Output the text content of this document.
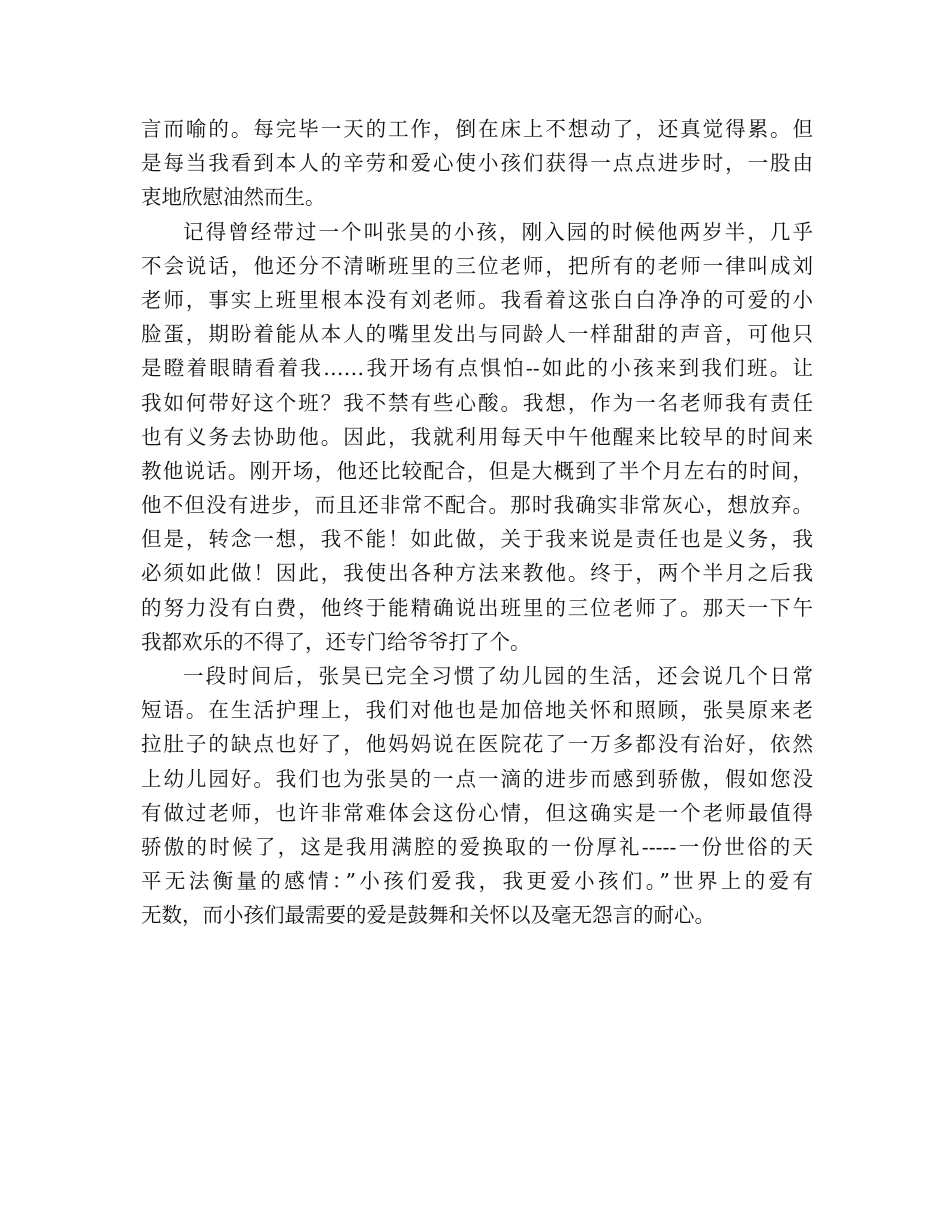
言而喻的。每完毕一天的工作，倒在床上不想动了，还真觉得累。但
是每当我看到本人的辛劳和爱心使小孩们获得一点点进步时，一股由
衷地欣慰油然而生。
记得曾经带过一个叫张昊的小孩，刚入园的时候他两岁半，几乎
不会说话，他还分不清晰班里的三位老师，把所有的老师一律叫成刘
老师，事实上班里根本没有刘老师。我看着这张白白净净的可爱的小
脸蛋，期盼着能从本人的嘴里发出与同龄人一样甜甜的声音，可他只
是瞪着眼睛看着我……我开场有点惧怕--如此的小孩来到我们班。让
我如何带好这个班？我不禁有些心酸。我想，作为一名老师我有责任
也有义务去协助他。因此，我就利用每天中午他醒来比较早的时间来
教他说话。刚开场，他还比较配合，但是大概到了半个月左右的时间，
他不但没有进步，而且还非常不配合。那时我确实非常灰心，想放弃。
但是，转念一想，我不能！如此做，关于我来说是责任也是义务，我
必须如此做！因此，我使出各种方法来教他。终于，两个半月之后我
的努力没有白费，他终于能精确说出班里的三位老师了。那天一下午
我都欢乐的不得了，还专门给爷爷打了个。
一段时间后，张昊已完全习惯了幼儿园的生活，还会说几个日常
短语。在生活护理上，我们对他也是加倍地关怀和照顾，张昊原来老
拉肚子的缺点也好了，他妈妈说在医院花了一万多都没有治好，依然
上幼儿园好。我们也为张昊的一点一滴的进步而感到骄傲，假如您没
有做过老师，也许非常难体会这份心情，但这确实是一个老师最值得
骄傲的时候了，这是我用满腔的爱换取的一份厚礼-----一份世俗的天
平无法衡量的感情：”小孩们爱我，我更爱小孩们。”世界上的爱有
无数，而小孩们最需要的爱是鼓舞和关怀以及毫无怨言的耐心。
